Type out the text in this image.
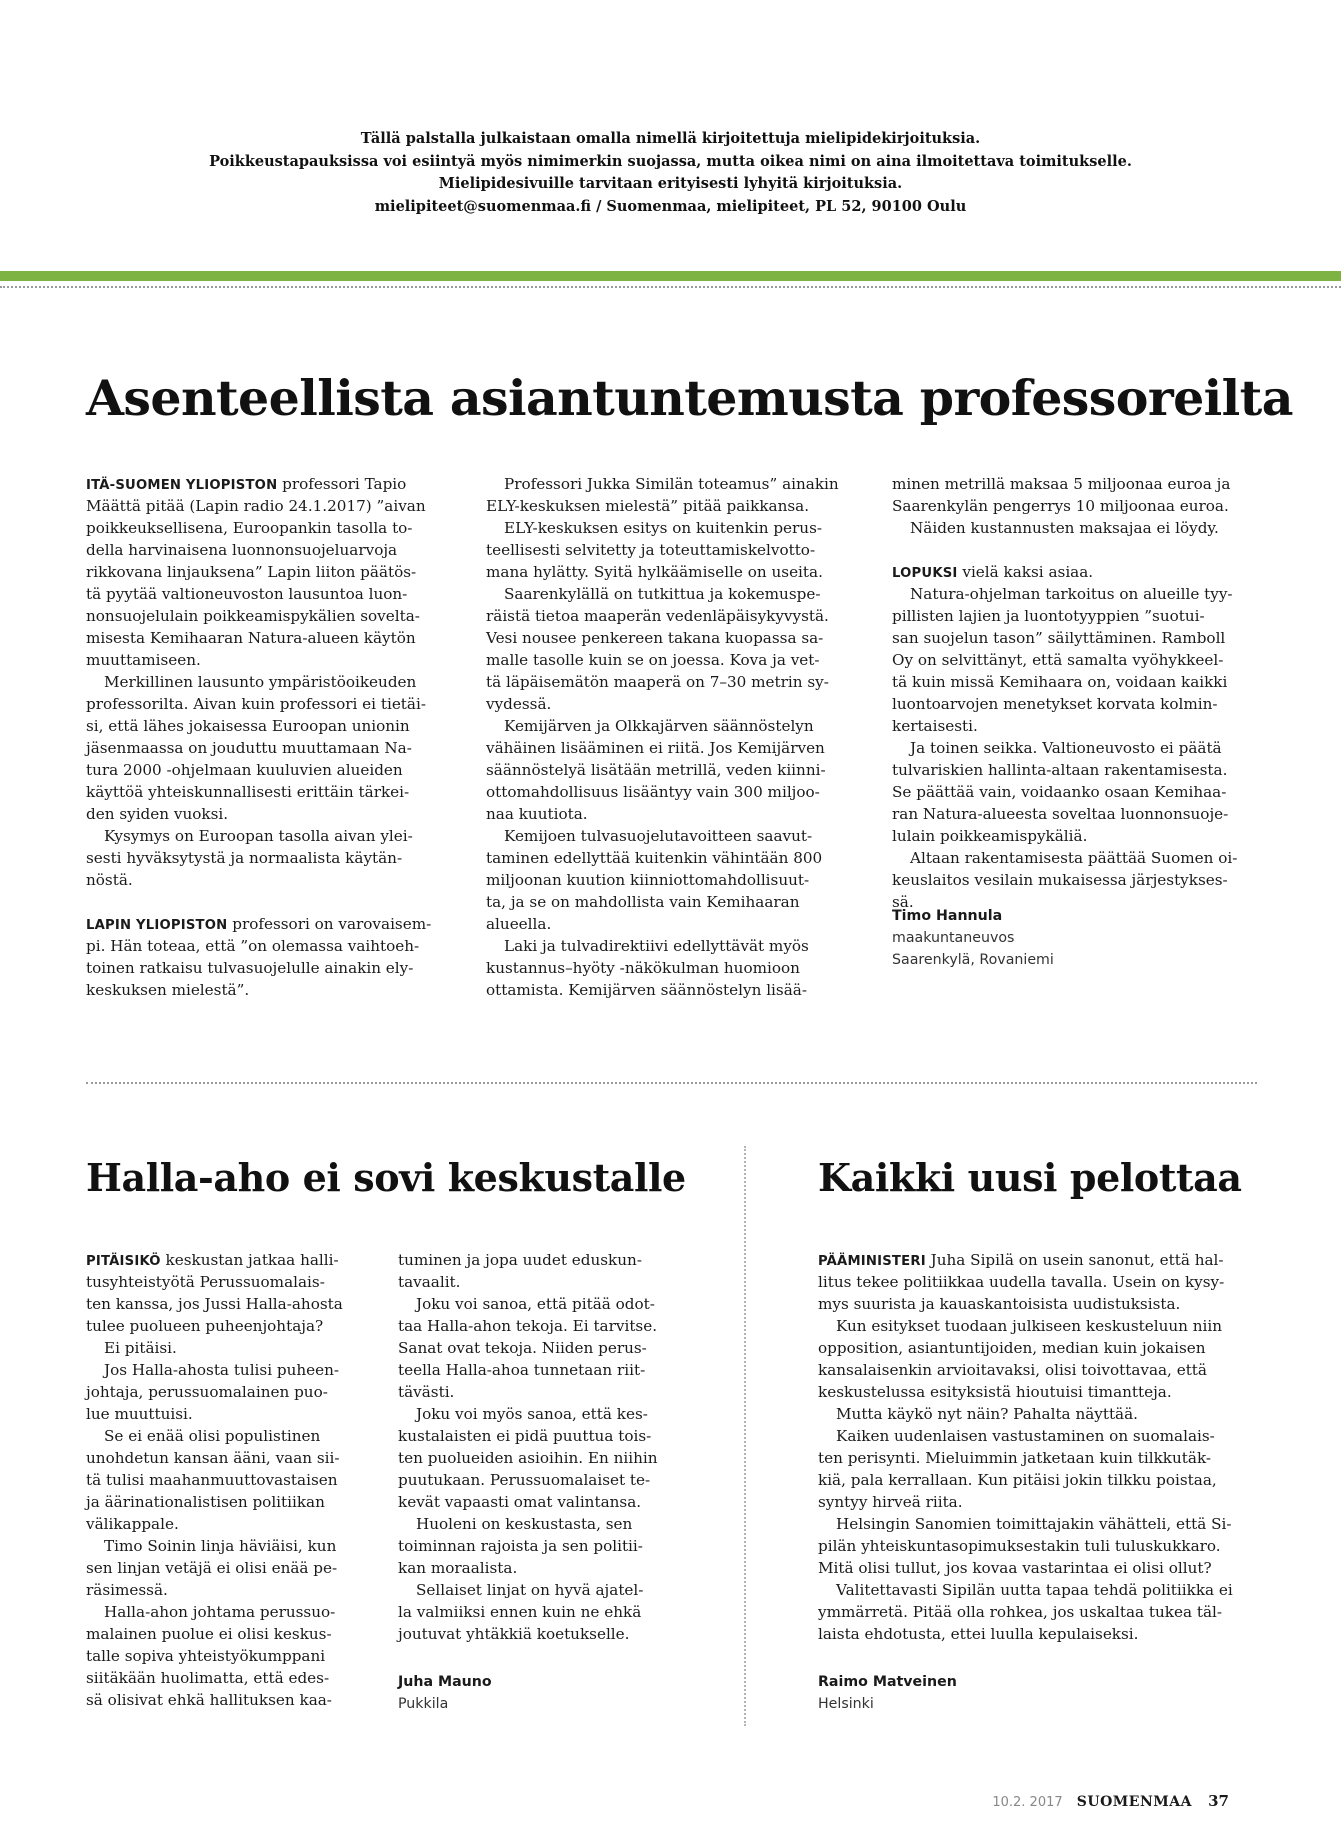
Tällä palstalla julkaistaan omalla nimellä kirjoitettuja mielipidekirjoituksia.
Poikkeustapauksissa voi esiintyä myös nimimerkin suojassa, mutta oikea nimi on aina ilmoitettava toimitukselle.
Mielipidesivuille tarvitaan erityisesti lyhyitä kirjoituksia.
mielipiteet@suomenmaa.fi / Suomenmaa, mielipiteet, PL 52, 90100 Oulu
Asenteellista asiantuntemusta professoreilta
ITÄ-SUOMEN YLIOPISTON professori Tapio
Määttä pitää (Lapin radio 24.1.2017) ”aivan
poikkeuksellisena, Euroopankin tasolla to-
della harvinaisena luonnonsuojeluarvoja
rikkovana linjauksena” Lapin liiton päätös-
tä pyytää valtioneuvoston lausuntoa luon-
nonsuojelulain poikkeamispykälien sovelta-
misesta Kemihaaran Natura-alueen käytön
muuttamiseen.
Merkillinen lausunto ympäristöoikeuden
professorilta. Aivan kuin professori ei tietäi-
si, että lähes jokaisessa Euroopan unionin
jäsenmaassa on jouduttu muuttamaan Na-
tura 2000 -ohjelmaan kuuluvien alueiden
käyttöä yhteiskunnallisesti erittäin tärkei-
den syiden vuoksi.
Kysymys on Euroopan tasolla aivan ylei-
sesti hyväksytystä ja normaalista käytän-
nöstä.
LAPIN YLIOPISTON professori on varovaisem-
pi. Hän toteaa, että ”on olemassa vaihtoeh-
toinen ratkaisu tulvasuojelulle ainakin ely-
keskuksen mielestä”.
Professori Jukka Similän toteamus” ainakin
ELY-keskuksen mielestä” pitää paikkansa.
ELY-keskuksen esitys on kuitenkin perus-
teellisesti selvitetty ja toteuttamiskelvotto-
mana hylätty. Syitä hylkäämiselle on useita.
Saarenkylällä on tutkittua ja kokemuspe-
räistä tietoa maaperän vedenläpäisykyvystä.
Vesi nousee penkereen takana kuopassa sa-
malle tasolle kuin se on joessa. Kova ja vet-
tä läpäisemätön maaperä on 7–30 metrin sy-
vydessä.
Kemijärven ja Olkkajärven säännöstelyn
vähäinen lisääminen ei riitä. Jos Kemijärven
säännöstelyä lisätään metrillä, veden kiinni-
ottomahdollisuus lisääntyy vain 300 miljoo-
naa kuutiota.
Kemijoen tulvasuojelutavoitteen saavut-
taminen edellyttää kuitenkin vähintään 800
miljoonan kuution kiinniottomahdollisuut-
ta, ja se on mahdollista vain Kemihaaran
alueella.
Laki ja tulvadirektiivi edellyttävät myös
kustannus–hyöty -näkökulman huomioon
ottamista. Kemijärven säännöstelyn lisää-
minen metrillä maksaa 5 miljoonaa euroa ja
Saarenkylän pengerrys 10 miljoonaa euroa.
Näiden kustannusten maksajaa ei löydy.
LOPUKSI vielä kaksi asiaa.
Natura-ohjelman tarkoitus on alueille tyy-
pillisten lajien ja luontotyyppien ”suotui-
san suojelun tason” säilyttäminen. Ramboll
Oy on selvittänyt, että samalta vyöhykkeel-
tä kuin missä Kemihaara on, voidaan kaikki
luontoarvojen menetykset korvata kolmin-
kertaisesti.
Ja toinen seikka. Valtioneuvosto ei päätä
tulvariskien hallinta-altaan rakentamisesta.
Se päättää vain, voidaanko osaan Kemihaa-
ran Natura-alueesta soveltaa luonnonsuoje-
lulain poikkeamispykäliä.
Altaan rakentamisesta päättää Suomen oi-
keuslaitos vesilain mukaisessa järjestykses-
sä.
Timo Hannula
maakuntaneuvos
Saarenkylä, Rovaniemi
Halla-aho ei sovi keskustalle
PITÄISIKÖ keskustan jatkaa halli-
tusyhteistyötä Perussuomalais-
ten kanssa, jos Jussi Halla-ahosta
tulee puolueen puheenjohtaja?
Ei pitäisi.
Jos Halla-ahosta tulisi puheen-
johtaja, perussuomalainen puo-
lue muuttuisi.
Se ei enää olisi populistinen
unohdetun kansan ääni, vaan sii-
tä tulisi maahanmuuttovastaisen
ja äärinationalistisen politiikan
välikappale.
Timo Soinin linja häviäisi, kun
sen linjan vetäjä ei olisi enää pe-
räsimessä.
Halla-ahon johtama perussuo-
malainen puolue ei olisi keskus-
talle sopiva yhteistyökumppani
siitäkään huolimatta, että edes-
sä olisivat ehkä hallituksen kaa-
tuminen ja jopa uudet eduskun-
tavaalit.
Joku voi sanoa, että pitää odot-
taa Halla-ahon tekoja. Ei tarvitse.
Sanat ovat tekoja. Niiden perus-
teella Halla-ahoa tunnetaan riit-
tävästi.
Joku voi myös sanoa, että kes-
kustalaisten ei pidä puuttua tois-
ten puolueiden asioihin. En niihin
puutukaan. Perussuomalaiset te-
kevät vapaasti omat valintansa.
Huoleni on keskustasta, sen
toiminnan rajoista ja sen politii-
kan moraalista.
Sellaiset linjat on hyvä ajatel-
la valmiiksi ennen kuin ne ehkä
joutuvat yhtäkkiä koetukselle.
Juha Mauno
Pukkila
Kaikki uusi pelottaa
PÄÄMINISTERI Juha Sipilä on usein sanonut, että hal-
litus tekee politiikkaa uudella tavalla. Usein on kysy-
mys suurista ja kauaskantoisista uudistuksista.
Kun esitykset tuodaan julkiseen keskusteluun niin
opposition, asiantuntijoiden, median kuin jokaisen
kansalaisenkin arvioitavaksi, olisi toivottavaa, että
keskustelussa esityksistä hioutuisi timantteja.
Mutta käykö nyt näin? Pahalta näyttää.
Kaiken uudenlaisen vastustaminen on suomalais-
ten perisynti. Mieluimmin jatketaan kuin tilkkutäk-
kiä, pala kerrallaan. Kun pitäisi jokin tilkku poistaa,
syntyy hirveä riita.
Helsingin Sanomien toimittajakin vähätteli, että Si-
pilän yhteiskuntasopimuksestakin tuli tuluskukkaro.
Mitä olisi tullut, jos kovaa vastarintaa ei olisi ollut?
Valitettavasti Sipilän uutta tapaa tehdä politiikka ei
ymmärretä. Pitää olla rohkea, jos uskaltaa tukea täl-
laista ehdotusta, ettei luulla kepulaiseksi.
Raimo Matveinen
Helsinki
10.2. 2017 SUOMENMAA 37
